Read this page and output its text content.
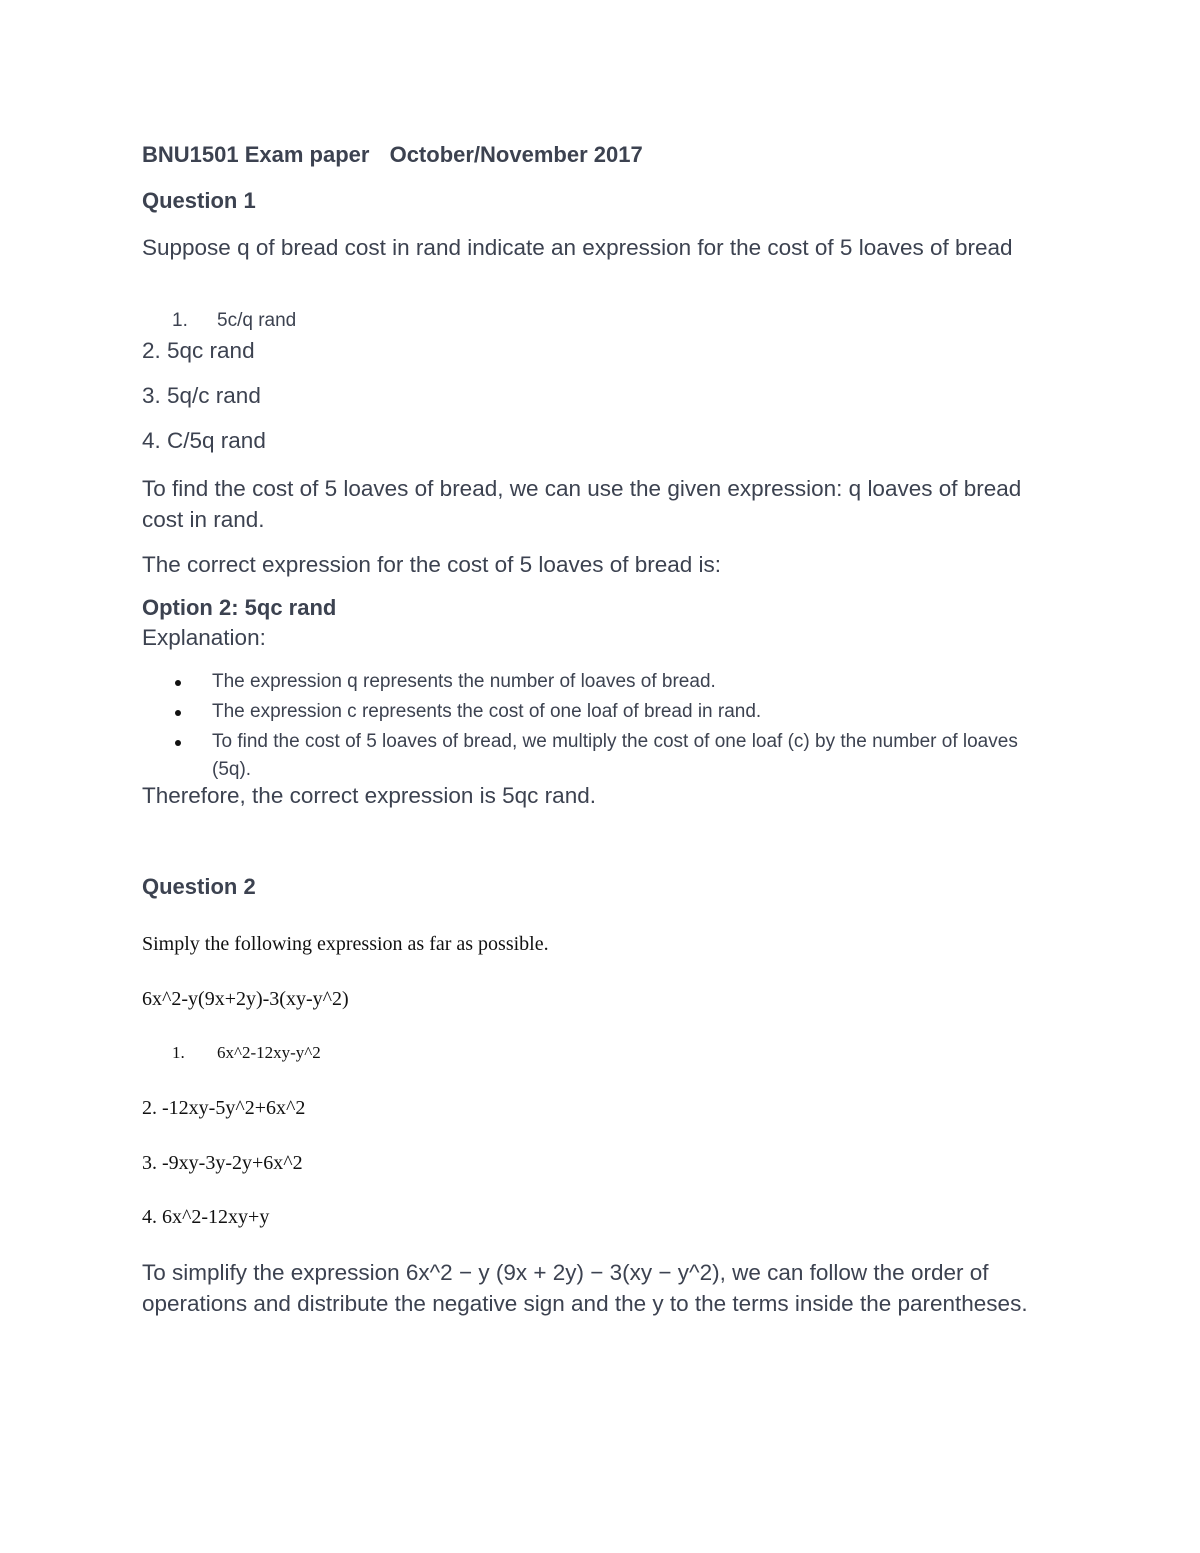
BNU1501 Exam paper October/November 2017
Question 1
Suppose q of bread cost in rand indicate an expression for the cost of 5 loaves of bread
1. 5c/q rand
2. 5qc rand
3. 5q/c rand
4. C/5q rand
To find the cost of 5 loaves of bread, we can use the given expression: q loaves of bread cost in rand.
The correct expression for the cost of 5 loaves of bread is:
Option 2: 5qc rand
Explanation:
The expression q represents the number of loaves of bread.
The expression c represents the cost of one loaf of bread in rand.
To find the cost of 5 loaves of bread, we multiply the cost of one loaf (c) by the number of loaves (5q).
Therefore, the correct expression is 5qc rand.
Question 2
Simply the following expression as far as possible.
6x^2-y(9x+2y)-3(xy-y^2)
1. 6x^2-12xy-y^2
2. -12xy-5y^2+6x^2
3. -9xy-3y-2y+6x^2
4. 6x^2-12xy+y
To simplify the expression 6x^2 − y (9x + 2y) − 3(xy − y^2), we can follow the order of operations and distribute the negative sign and the y to the terms inside the parentheses.
